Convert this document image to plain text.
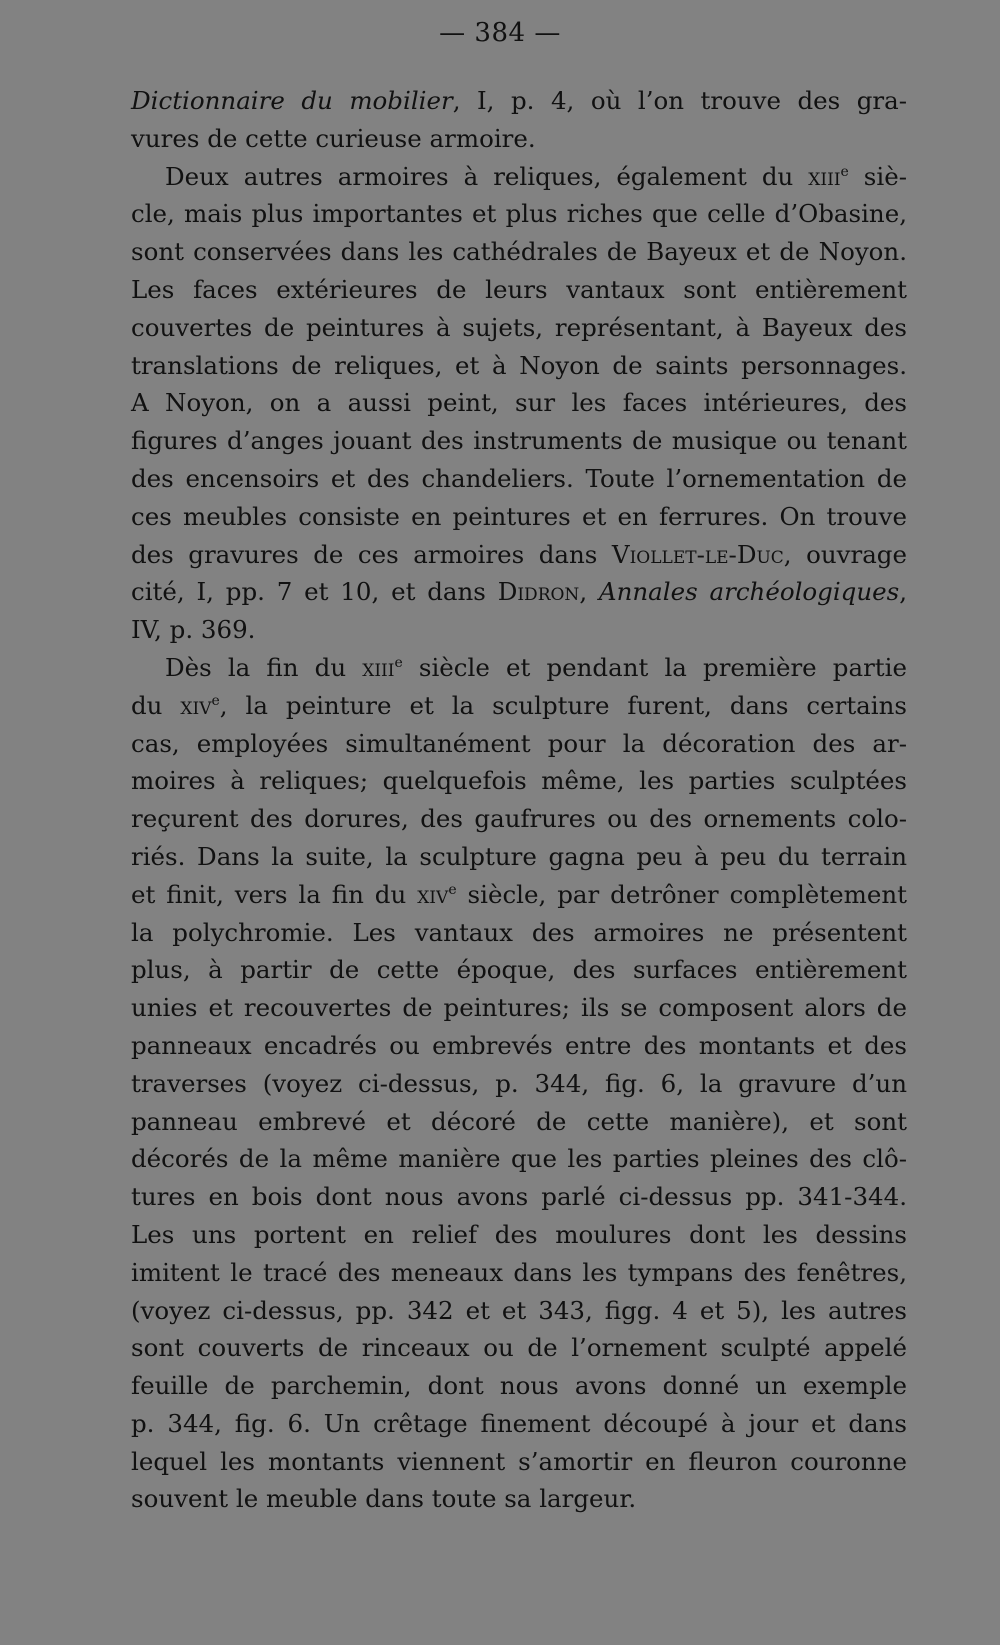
— 384 —
Dictionnaire du mobilier, I, p. 4, où l’on trouve des gra-
vures de cette curieuse armoire.
Deux autres armoires à reliques, également du xiii$^e$ siè-
cle, mais plus importantes et plus riches que celle d’Obasine,
sont conservées dans les cathédrales de Bayeux et de Noyon.
Les faces extérieures de leurs vantaux sont entièrement
couvertes de peintures à sujets, représentant, à Bayeux des
translations de reliques, et à Noyon de saints personnages.
A Noyon, on a aussi peint, sur les faces intérieures, des
figures d’anges jouant des instruments de musique ou tenant
des encensoirs et des chandeliers. Toute l’ornementation de
ces meubles consiste en peintures et en ferrures. On trouve
des gravures de ces armoires dans Viollet-le-Duc, ouvrage
cité, I, pp. 7 et 10, et dans Didron, Annales archéologiques,
IV, p. 369.
Dès la fin du xiii$^e$ siècle et pendant la première partie
du xiv$^e$, la peinture et la sculpture furent, dans certains
cas, employées simultanément pour la décoration des ar-
moires à reliques; quelquefois même, les parties sculptées
reçurent des dorures, des gaufrures ou des ornements colo-
riés. Dans la suite, la sculpture gagna peu à peu du terrain
et finit, vers la fin du xiv$^e$ siècle, par detrôner complètement
la polychromie. Les vantaux des armoires ne présentent
plus, à partir de cette époque, des surfaces entièrement
unies et recouvertes de peintures; ils se composent alors de
panneaux encadrés ou embrevés entre des montants et des
traverses (voyez ci-dessus, p. 344, fig. 6, la gravure d’un
panneau embrevé et décoré de cette manière), et sont
décorés de la même manière que les parties pleines des clô-
tures en bois dont nous avons parlé ci-dessus pp. 341-344.
Les uns portent en relief des moulures dont les dessins
imitent le tracé des meneaux dans les tympans des fenêtres,
(voyez ci-dessus, pp. 342 et et 343, figg. 4 et 5), les autres
sont couverts de rinceaux ou de l’ornement sculpté appelé
feuille de parchemin, dont nous avons donné un exemple
p. 344, fig. 6. Un crêtage finement découpé à jour et dans
lequel les montants viennent s’amortir en fleuron couronne
souvent le meuble dans toute sa largeur.
